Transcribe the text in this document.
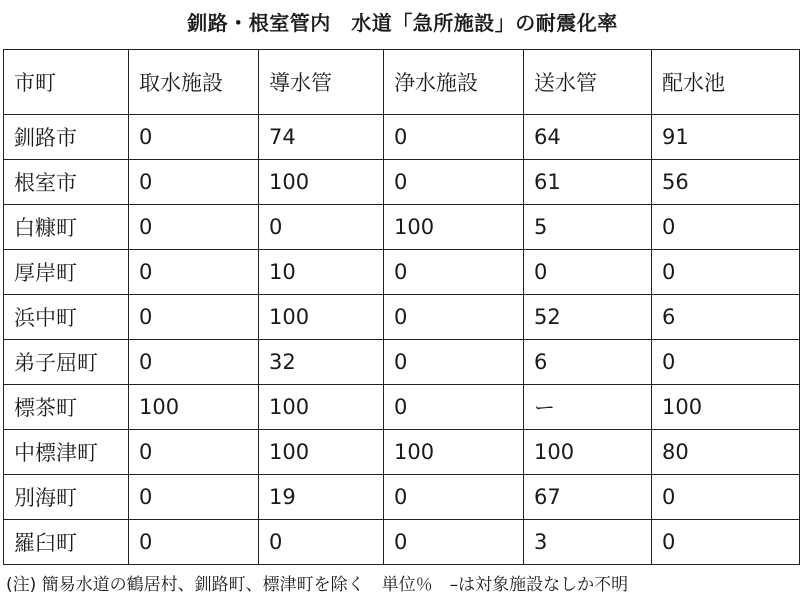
釧路・根室管内　水道「急所施設」の耐震化率
市町	取水施設	導水管	浄水施設	送水管	配水池
釧路市	0	74	0	64	91
根室市	0	100	0	61	56
白糠町	0	0	100	5	0
厚岸町	0	10	0	0	0
浜中町	0	100	0	52	6
弟子屈町	0	32	0	6	0
標茶町	100	100	0	ー	100
中標津町	0	100	100	100	80
別海町	0	19	0	67	0
羅臼町	0	0	0	3	0
(注) 簡易水道の鶴居村、釧路町、標津町を除く　単位％　–は対象施設なしか不明
